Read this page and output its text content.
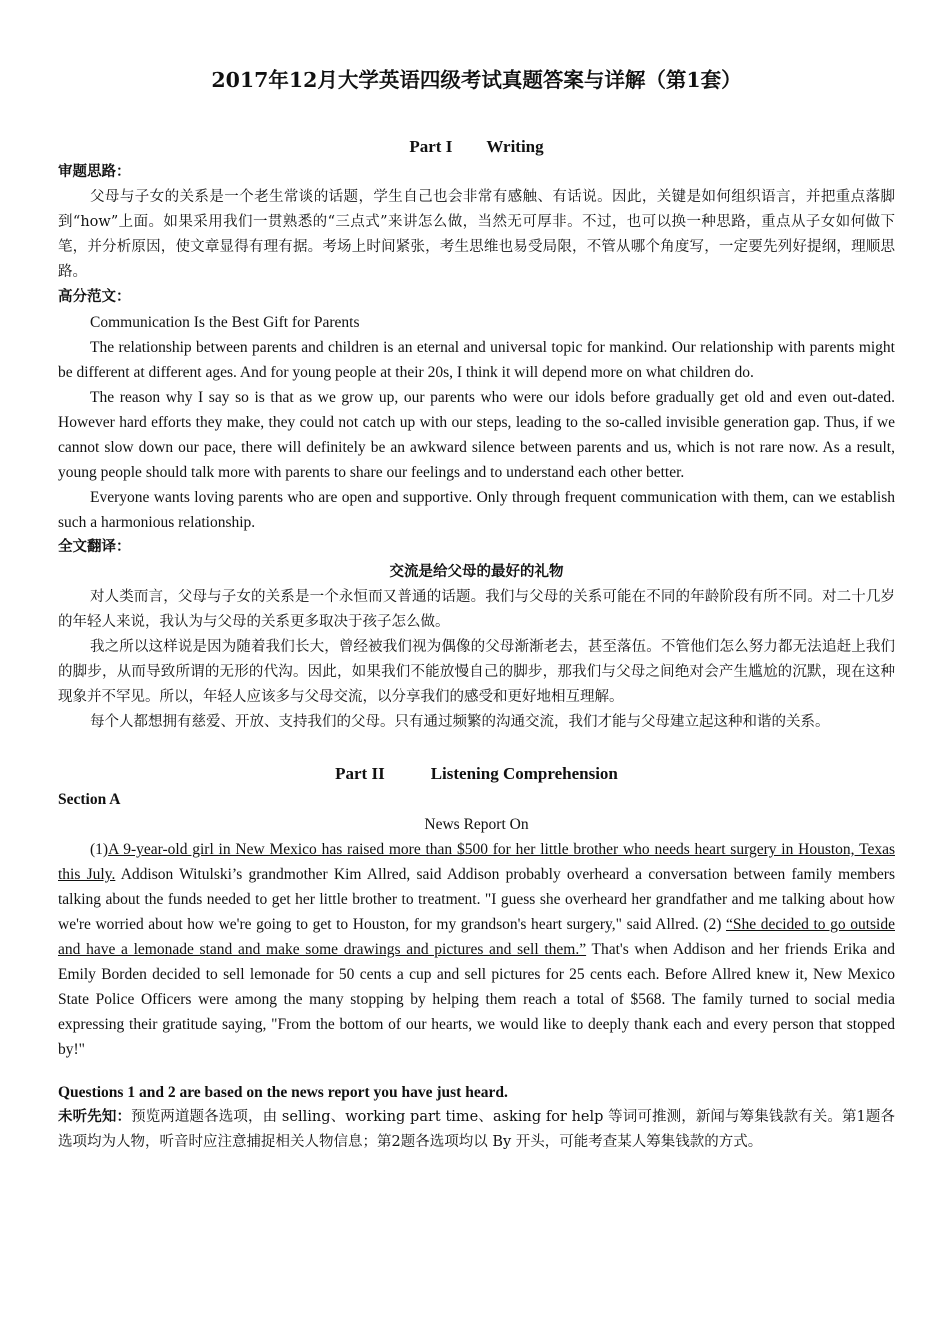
2017年12月大学英语四级考试真题答案与详解（第1套）
Part I Writing
审题思路：

父母与子女的关系是一个老生常谈的话题，学生自己也会非常有感触、有话说。因此，关键是如何组织语言，并把重点落脚到“how”上面。如果采用我们一贯熟悉的“三点式”来讲怎么做，当然无可厚非。不过，也可以换一种思路，重点从子女如何做下笔，并分析原因，使文章显得有理有据。考场上时间紧张，考生思维也易受局限，不管从哪个角度写，一定要先列好提纲，理顺思路。

高分范文：

Communication Is the Best Gift for Parents

The relationship between parents and children is an eternal and universal topic for mankind. Our relationship with parents might be different at different ages. And for young people at their 20s, I think it will depend more on what children do.

The reason why I say so is that as we grow up, our parents who were our idols before gradually get old and even out-dated. However hard efforts they make, they could not catch up with our steps, leading to the so-called invisible generation gap. Thus, if we cannot slow down our pace, there will definitely be an awkward silence between parents and us, which is not rare now. As a result, young people should talk more with parents to share our feelings and to understand each other better.

Everyone wants loving parents who are open and supportive. Only through frequent communication with them, can we establish such a harmonious relationship.

全文翻译：
交流是给父母的最好的礼物

对人类而言，父母与子女的关系是一个永恒而又普通的话题。我们与父母的关系可能在不同的年龄阶段有所不同。对二十几岁的年轻人来说，我认为与父母的关系更多取决于孩子怎么做。

我之所以这样说是因为随着我们长大，曾经被我们视为偶像的父母渐渐老去，甚至落伍。不管他们怎么努力都无法追赶上我们的脚步，从而导致所谓的无形的代沟。因此，如果我们不能放慢自己的脚步，那我们与父母之间绝对会产生尴尬的沉默，现在这种现象并不罕见。所以，年轻人应该多与父母交流，以分享我们的感受和更好地相互理解。

每个人都想拥有慈爱、开放、支持我们的父母。只有通过频繁的沟通交流，我们才能与父母建立起这种和谐的关系。

Part II	Listening Comprehension
Section A
News Report On

(1)A 9-year-old girl in New Mexico has raised more than $500 for her little brother who needs heart surgery in Houston, Texas this July. Addison Witulski’s grandmother Kim Allred, said Addison probably overheard a conversation between family members talking about the funds needed to get her little brother to treatment. "I guess she overheard her grandfather and me talking about how we're worried about how we're going to get to Houston, for my grandson's heart surgery," said Allred. (2) “She decided to go outside and have a lemonade stand and make some drawings and pictures and sell them.” That's when Addison and her friends Erika and Emily Borden decided to sell lemonade for 50 cents a cup and sell pictures for 25 cents each. Before Allred knew it, New Mexico State Police Officers were among the many stopping by helping them reach a total of $568. The family turned to social media expressing their gratitude saying, "From the bottom of our hearts, we would like to deeply thank each and every person that stopped by!"

Questions 1 and 2 are based on the news report you have just heard.

未听先知：预览两道题各选项，由 selling、working part time、asking for help 等词可推测，新闻与筹集钱款有关。第1题各选项均为人物，听音时应注意捕捉相关人物信息；第2题各选项均以 By 开头，可能考查某人筹集钱款的方式。
